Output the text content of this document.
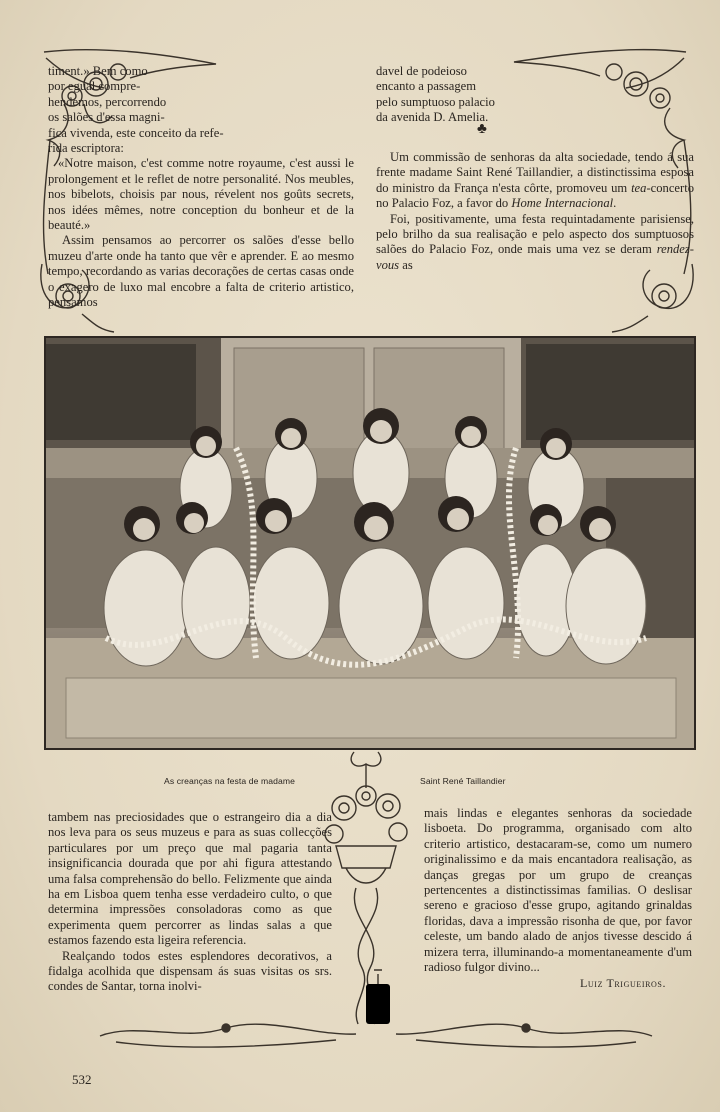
timent.» Bem como

por egual compre-

hendemos, percorrendo

os salões d'essa magni-

fica vivenda, este conceito da refe-

rida escriptora:

«Notre maison, c'est comme notre royaume, c'est aussi le prolongement et le reflet de notre personalité. Nos meubles, nos bibelots, choisis par nous, révelent nos goûts secrets, nos idées mêmes, notre conception du bonheur et de la beauté.»

Assim pensamos ao percorrer os salões d'esse bello muzeu d'arte onde ha tanto que vêr e aprender. E ao mesmo tempo, recordando as varias decorações de certas casas onde o exagero de luxo mal encobre a falta de criterio artistico, pensamos

davel de podeioso

encanto a passagem

pelo sumptuoso palacio

da avenida D. Amelia.

♣

Um commissão de senhoras da alta sociedade, tendo á sua frente madame Saint René Taillandier, a distinctissima esposa do ministro da França n'esta côrte, promoveu um tea-concerto no Palacio Foz, a favor do Home Internacional.

Foi, positivamente, uma festa requintadamente parisiense, pelo brilho da sua realisação e pelo aspecto dos sumptuosos salões do Palacio Foz, onde mais uma vez se deram rendez-vous as

As creanças na festa de madame	Saint René Taillandier

tambem nas preciosidades que o estrangeiro dia a dia nos leva para os seus muzeus e para as suas collecções particulares por um preço que mal pagaria tanta insignificancia dourada que por ahi figura attestando uma falsa comprehensão do bello. Felizmente que ainda ha em Lisboa quem tenha esse verdadeiro culto, o que determina impressões consoladoras como as que experimenta quem percorrer as lindas salas a que estamos fazendo esta ligeira referencia.

Realçando todos estes esplendores decorativos, a fidalga acolhida que dispensam ás suas visitas os srs. condes de Santar, torna inolvi-

mais lindas e elegantes senhoras da sociedade lisboeta. Do programma, organisado com alto criterio artistico, destacaram-se, como um numero originalissimo e da mais encantadora realisação, as danças gregas por um grupo de creanças pertencentes a distinctissimas familias. O deslisar sereno e gracioso d'esse grupo, agitando grinaldas floridas, dava a impressão risonha de que, por favor celeste, um bando alado de anjos tivesse descido á mizera terra, illuminando-a momentaneamente d'um radioso fulgor divino...

Luiz Trigueiros.
532
